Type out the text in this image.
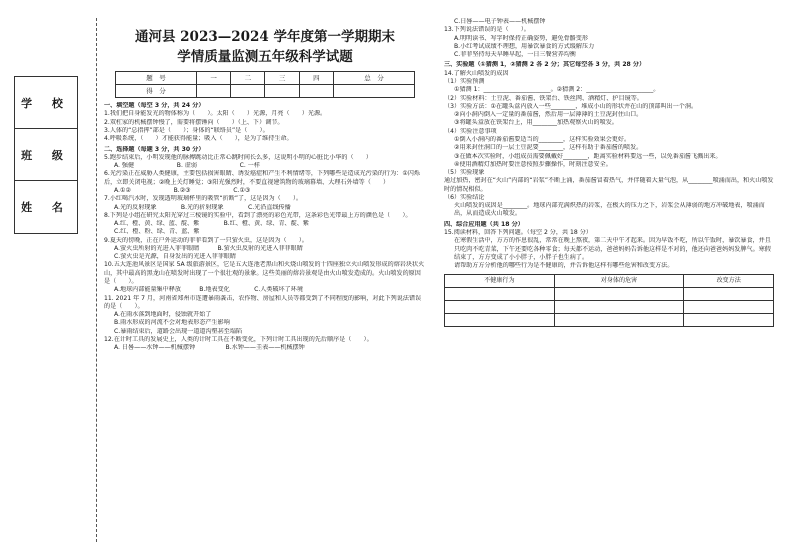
学 校
班 级
姓 名
通河县 2023—2024 学年度第一学期期末
学情质量监测五年级科学试题
题　号	一	二	三	四	总　分
得　分					
一、填空题（每空 3 分，共 24 分）
1.我们把自身能发光的物体称为（　　）。太阳（　　）光源，月亮（　　）光源。
2.双杠家的机械摆钟慢了，需要将摆锤向（　　）（上、下）调节。
3.人体的“总指挥”部是（　　）；身体的“联络员”是（　　）。
4.呼吸系统，（　　）才能获得能量；吸入（　　），是为了维持生命。
二、选择题（每题 3 分，共 30 分）
5.跑步结束后，小明发现他的脉搏跳动比正常心跳时间长么多，这说明小明的心脏比小华的（　　）
A. 强健　　　　　　　B. 虚弱　　　　　　　C. 一样
6.光污染正在威胁人类健康，主要包括损害眼睛、诱发癌症和产生不利情绪等，下列哪些是造成光污染的行为：①闪烁后，立即关闭电视；②晚上关灯睡觉；③阳光强烈时，不要直视建筑物的玻璃幕墙、大理石外墙等（　　）
A.①②　　　　　　　B.②③　　　　　　　C.①③
7.小红喝汽水时，发现透明玻璃杯里的吸管“折断”了，这是因为（　　）。
A.光的反射现象　　　　B.光的折射现象　　　　C.光沿直线传播
8.下列是小组在研究太阳光穿过三棱镜的实验中，看到了漂亮的彩色光带，这条彩色光带最上方的颜色是（　　）。
A.红、橙、黄、绿、蓝、靛、紫　　　　B.红、橙、黄、绿、青、靛、紫
C.红、橙、粉、绿、青、蓝、紫
9.夏天的傍晚，正在户外运动的菲菲看到了一只萤火虫，这是因为（　　）。
A.萤火虫所射的光进入菲菲眼睛　　　B.萤火虫反射的光进入菲菲眼睛
C.萤火虫是光源，自身发出的光进入菲菲眼睛
10.五大连池风景区是国家 5A 级旅游景区，它是五大连池老黑山和火烧山喷发的十四座独立火山喷发形成的熔岩块状火山，其中最高的黑龙山在喷发时出现了一个很壮观的景象。这些美丽的熔岩景观是由火山喷发造成的。火山喷发的原因是（　　）。
A.地球内部能量集中释放　　　B.地表变化　　　　C.人类破坏了环境
11. 2021 年 7 月，河南省郑州市连遭暴雨袭击，农作物、房屋和人员等都受到了不同程度的影响，对此下列说法错误的是（　　）。
A.在雨水落到地面时，侵蚀就开始了
B.雨水形成的河流不会对地表形态产生影响
C.暴雨结束后，道路会出现一道道沟壑甚至塌陷
12.在计时工具的发展史上，人类的计时工具在不断变化，下列计时工具出现的先后顺序是（　　）。
A. 日晷——水钟——机械摆钟　　　　　B.水钟——圭表——机械摆钟
C.日晷——电子钟表——机械摆钟
13.下列说法错误的是（　　）。
A.明明读书、写字时保持正确姿势，避免骨骼变形
B.小红考试成绩不理想，用暴饮暴食的方式缓解压力
C.菲菲坚持每天早睡早起，一日三餐营养均衡
三、实验题（①猜测 1，②猜测 2 各 2 分；其它每空各 3 分，共 28 分）
14.了解火山喷发的成因
（1）实验预测
①猜测 1：______________________。②猜测 2：______________________。
（2）实验材料：土豆泥、番茄酱、铁架台、铁丝网、酒精灯、护目镜等。
（3）实验方法：①在罐头盒内放入一些________，堆成小山的形状并在山的顶部叫出一个洞。
②向小洞内倒入一定量的番茄酱，然后用一层薄薄的土豆泥封住山口。
③将罐头盒放在铁架台上，用________加热观察火山的喷发。
（4）实验注意事项
①倒入小洞内的番茄酱要适当的________，这样实验效果会更好。
②用来封住洞口的一层土豆泥要________，这样有助于番茄酱的喷发。
③在做本次实验时，小组成员需要佩戴好________，距离实验材料要远一些，以免番茄酱飞溅出来。
④使用酒精灯加热时要注意按照步骤操作，时刻注意安全。
（5）实验现象
通过加热，密封在“火山”内部的“岩浆”不断上涌，番茄酱冒着热气，并伴随着大量气泡，从________喷涌而出，和火山喷发时的情况相似。
（6）实验结论
火山喷发的成因是________。地球内部充满炽热的岩浆，在极大的压力之下，岩浆会从薄弱的地方冲破地表，喷涌而出，从而造成火山喷发。
四、综合应用题（共 18 分）
15.阅读材料，回答下列问题。（每空 2 分，共 18 分）
在寒假生活中，方方的作息很乱，常常在晚上熬夜，第二天中午才起来。因为早饭不吃，所以午饭时，暴饮暴食，并且只吃肉不吃青菜，下午还要吃各种零食；每天都不运动，爸爸妈妈告诉他这样是不对的，他还向爸爸妈妈发脾气。寒假结束了，方方变成了小小胖子，小胖子也生病了。
请帮助方方分析他的哪些行为是不健康的，并告诉他这样有哪些危害和改变方法。
不健康行为	对身体的危害	改变方法
